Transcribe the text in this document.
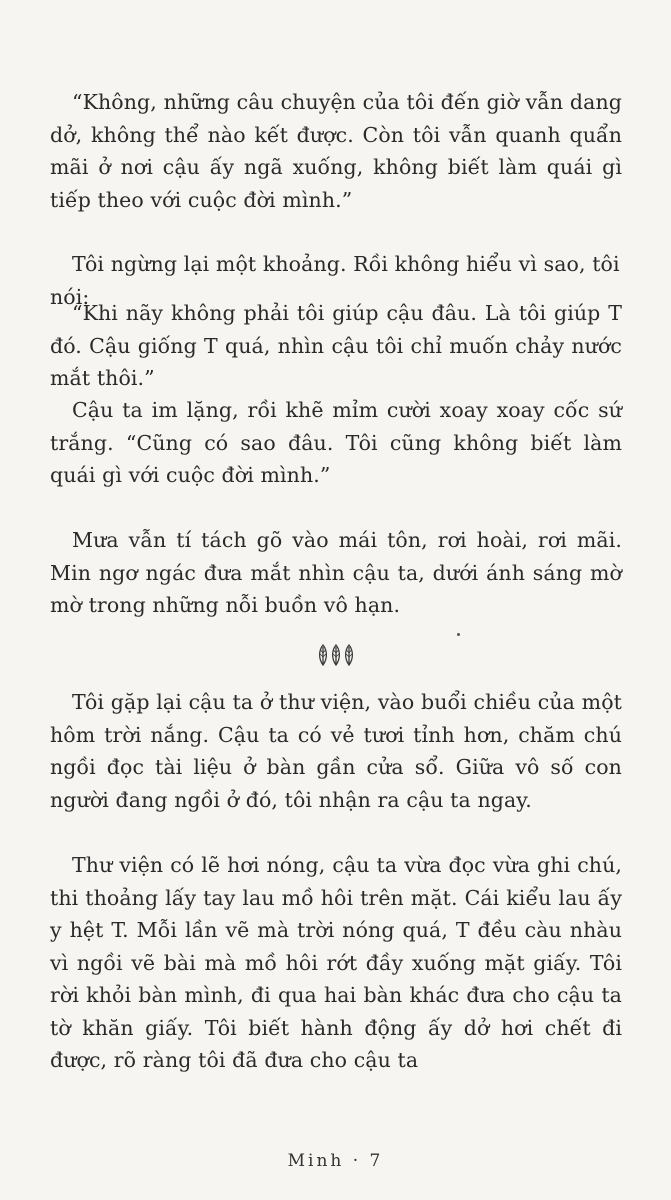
“Không, những câu chuyện của tôi đến giờ vẫn dang dở, không thể nào kết được. Còn tôi vẫn quanh quẩn mãi ở nơi cậu ấy ngã xuống, không biết làm quái gì tiếp theo với cuộc đời mình.”

Tôi ngừng lại một khoảng. Rồi không hiểu vì sao, tôi nói:

“Khi nãy không phải tôi giúp cậu đâu. Là tôi giúp T đó. Cậu giống T quá, nhìn cậu tôi chỉ muốn chảy nước mắt thôi.”

Cậu ta im lặng, rồi khẽ mỉm cười xoay xoay cốc sứ trắng. “Cũng có sao đâu. Tôi cũng không biết làm quái gì với cuộc đời mình.”

Mưa vẫn tí tách gõ vào mái tôn, rơi hoài, rơi mãi. Min ngơ ngác đưa mắt nhìn cậu ta, dưới ánh sáng mờ mờ trong những nỗi buồn vô hạn.

Tôi gặp lại cậu ta ở thư viện, vào buổi chiều của một hôm trời nắng. Cậu ta có vẻ tươi tỉnh hơn, chăm chú ngồi đọc tài liệu ở bàn gần cửa sổ. Giữa vô số con người đang ngồi ở đó, tôi nhận ra cậu ta ngay.

Thư viện có lẽ hơi nóng, cậu ta vừa đọc vừa ghi chú, thi thoảng lấy tay lau mồ hôi trên mặt. Cái kiểu lau ấy y hệt T. Mỗi lần vẽ mà trời nóng quá, T đều càu nhàu vì ngồi vẽ bài mà mồ hôi rớt đầy xuống mặt giấy. Tôi rời khỏi bàn mình, đi qua hai bàn khác đưa cho cậu ta tờ khăn giấy. Tôi biết hành động ấy dở hơi chết đi được, rõ ràng tôi đã đưa cho cậu ta

Minh · 7
